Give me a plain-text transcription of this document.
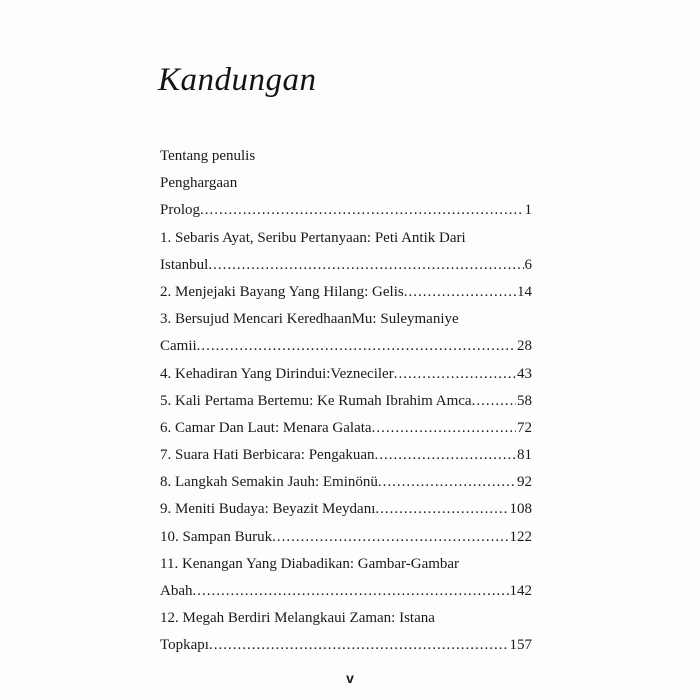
Kandungan
Tentang penulis
Penghargaan
Prolog .....	1
1. Sebaris Ayat, Seribu Pertanyaan: Peti Antik Dari
Istanbul .....	6
2. Menjejaki Bayang Yang Hilang: Gelis .....	14
3. Bersujud Mencari KeredhaanMu: Suleymaniye
Camii .....	28
4. Kehadiran Yang Dirindui:Vezneciler .....	43
5. Kali Pertama Bertemu: Ke Rumah Ibrahim Amca .....	58
6. Camar Dan Laut: Menara Galata .....	72
7. Suara Hati Berbicara: Pengakuan .....	81
8. Langkah Semakin Jauh: Eminönü .....	92
9. Meniti Budaya: Beyazit Meydanı .....	108
10. Sampan Buruk .....	122
11. Kenangan Yang Diabadikan: Gambar-Gambar
Abah .....	142
12. Megah Berdiri Melangkaui Zaman: Istana
Topkapı .....	157
v
